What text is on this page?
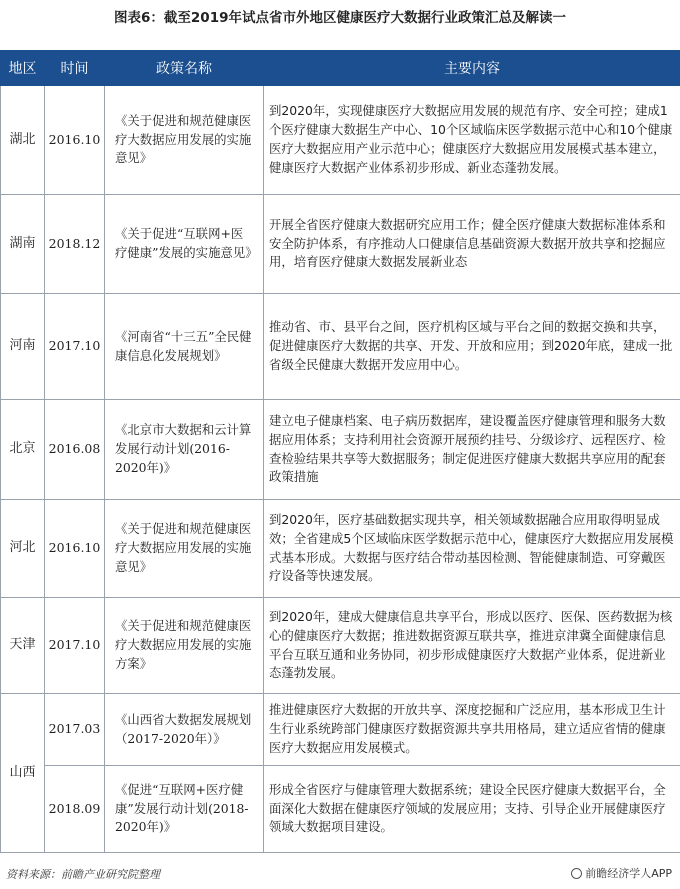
图表6：截至2019年试点省市外地区健康医疗大数据行业政策汇总及解读一
地区	时间	政策名称	主要内容
湖北	2016.10	《关于促进和规范健康医疗大数据应用发展的实施意见》	到2020年，实现健康医疗大数据应用发展的规范有序、安全可控；建成1个医疗健康大数据生产中心、10个区域临床医学数据示范中心和10个健康医疗大数据应用产业示范中心；健康医疗大数据应用发展模式基本建立，健康医疗大数据产业体系初步形成、新业态蓬勃发展。
湖南	2018.12	《关于促进“互联网+医疗健康”发展的实施意见》	开展全省医疗健康大数据研究应用工作；健全医疗健康大数据标准体系和安全防护体系，有序推动人口健康信息基础资源大数据开放共享和挖掘应用，培育医疗健康大数据发展新业态
河南	2017.10	《河南省“十三五”全民健康信息化发展规划》	推动省、市、县平台之间，医疗机构区域与平台之间的数据交换和共享，促进健康医疗大数据的共享、开发、开放和应用；到2020年底，建成一批省级全民健康大数据开发应用中心。
北京	2016.08	《北京市大数据和云计算发展行动计划(2016-2020年)》	建立电子健康档案、电子病历数据库，建设覆盖医疗健康管理和服务大数据应用体系；支持利用社会资源开展预约挂号、分级诊疗、远程医疗、检查检验结果共享等大数据服务；制定促进医疗健康大数据共享应用的配套政策措施
河北	2016.10	《关于促进和规范健康医疗大数据应用发展的实施意见》	到2020年，医疗基础数据实现共享，相关领域数据融合应用取得明显成效；全省建成5个区域临床医学数据示范中心，健康医疗大数据应用发展模式基本形成。大数据与医疗结合带动基因检测、智能健康制造、可穿戴医疗设备等快速发展。
天津	2017.10	《关于促进和规范健康医疗大数据应用发展的实施方案》	到2020年，建成大健康信息共享平台，形成以医疗、医保、医药数据为核心的健康医疗大数据；推进数据资源互联共享，推进京津冀全面健康信息平台互联互通和业务协同，初步形成健康医疗大数据产业体系，促进新业态蓬勃发展。
山西	2017.03	《山西省大数据发展规划（2017-2020年）》	推进健康医疗大数据的开放共享、深度挖掘和广泛应用，基本形成卫生计生行业系统跨部门健康医疗数据资源共享共用格局，建立适应省情的健康医疗大数据应用发展模式。
	2018.09	《促进“互联网+医疗健康”发展行动计划(2018-2020年)》	形成全省医疗与健康管理大数据系统；建设全民医疗健康大数据平台，全面深化大数据在健康医疗领域的发展应用；支持、引导企业开展健康医疗领域大数据项目建设。
资料来源：前瞻产业研究院整理	前瞻经济学人APP
